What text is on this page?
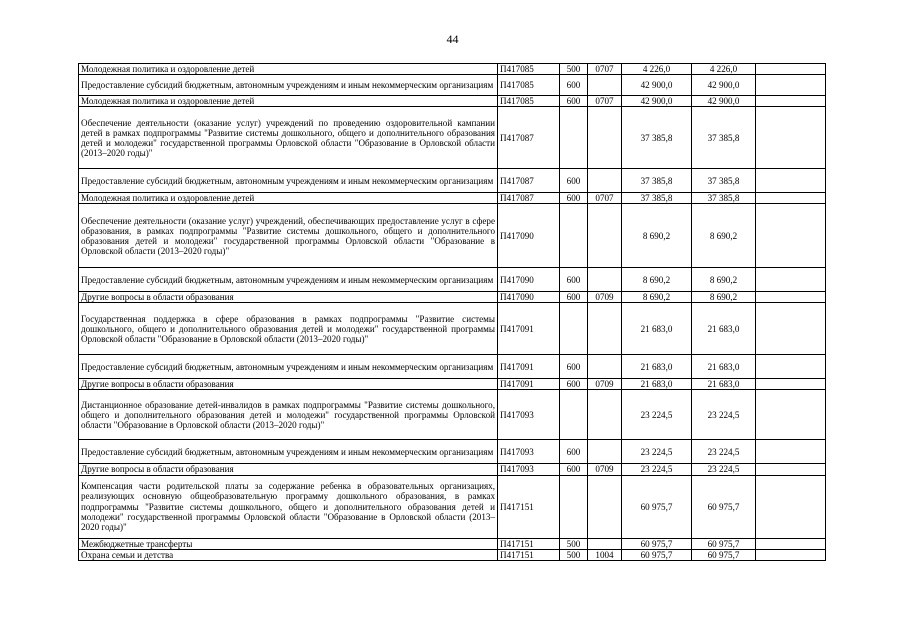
44
Молодежная политика и оздоровление детей	П417085	500	0707	4 226,0	4 226,0	
Предоставление субсидий бюджетным, автономным учреждениям и иным некоммерческим организациям	П417085	600		42 900,0	42 900,0	
Молодежная политика и оздоровление детей	П417085	600	0707	42 900,0	42 900,0	
Обеспечение деятельности (оказание услуг) учреждений по проведению оздоровительной кампании детей в рамках подпрограммы "Развитие системы дошкольного, общего и дополнительного образования детей и молодежи" государственной программы Орловской области "Образование в Орловской области (2013–2020 годы)"	П417087			37 385,8	37 385,8	
Предоставление субсидий бюджетным, автономным учреждениям и иным некоммерческим организациям	П417087	600		37 385,8	37 385,8	
Молодежная политика и оздоровление детей	П417087	600	0707	37 385,8	37 385,8	
Обеспечение деятельности (оказание услуг) учреждений, обеспечивающих предоставление услуг в сфере образования, в рамках подпрограммы "Развитие системы дошкольного, общего и дополнительного образования детей и молодежи" государственной программы Орловской области "Образование в Орловской области (2013–2020 годы)"	П417090			8 690,2	8 690,2	
Предоставление субсидий бюджетным, автономным учреждениям и иным некоммерческим организациям	П417090	600		8 690,2	8 690,2	
Другие вопросы в области образования	П417090	600	0709	8 690,2	8 690,2	
Государственная поддержка в сфере образования в рамках подпрограммы "Развитие системы дошкольного, общего и дополнительного образования детей и молодежи" государственной программы Орловской области "Образование в Орловской области (2013–2020 годы)"	П417091			21 683,0	21 683,0	
Предоставление субсидий бюджетным, автономным учреждениям и иным некоммерческим организациям	П417091	600		21 683,0	21 683,0	
Другие вопросы в области образования	П417091	600	0709	21 683,0	21 683,0	
Дистанционное образование детей-инвалидов в рамках подпрограммы "Развитие системы дошкольного, общего и дополнительного образования детей и молодежи" государственной программы Орловской области "Образование в Орловской области (2013–2020 годы)"	П417093			23 224,5	23 224,5	
Предоставление субсидий бюджетным, автономным учреждениям и иным некоммерческим организациям	П417093	600		23 224,5	23 224,5	
Другие вопросы в области образования	П417093	600	0709	23 224,5	23 224,5	
Компенсация части родительской платы за содержание ребенка в образовательных организациях, реализующих основную общеобразовательную программу дошкольного образования, в рамках подпрограммы "Развитие системы дошкольного, общего и дополнительного образования детей и молодежи" государственной программы Орловской области "Образование в Орловской области (2013–2020 годы)"	П417151			60 975,7	60 975,7	
Межбюджетные трансферты	П417151	500		60 975,7	60 975,7	
Охрана семьи и детства	П417151	500	1004	60 975,7	60 975,7	
